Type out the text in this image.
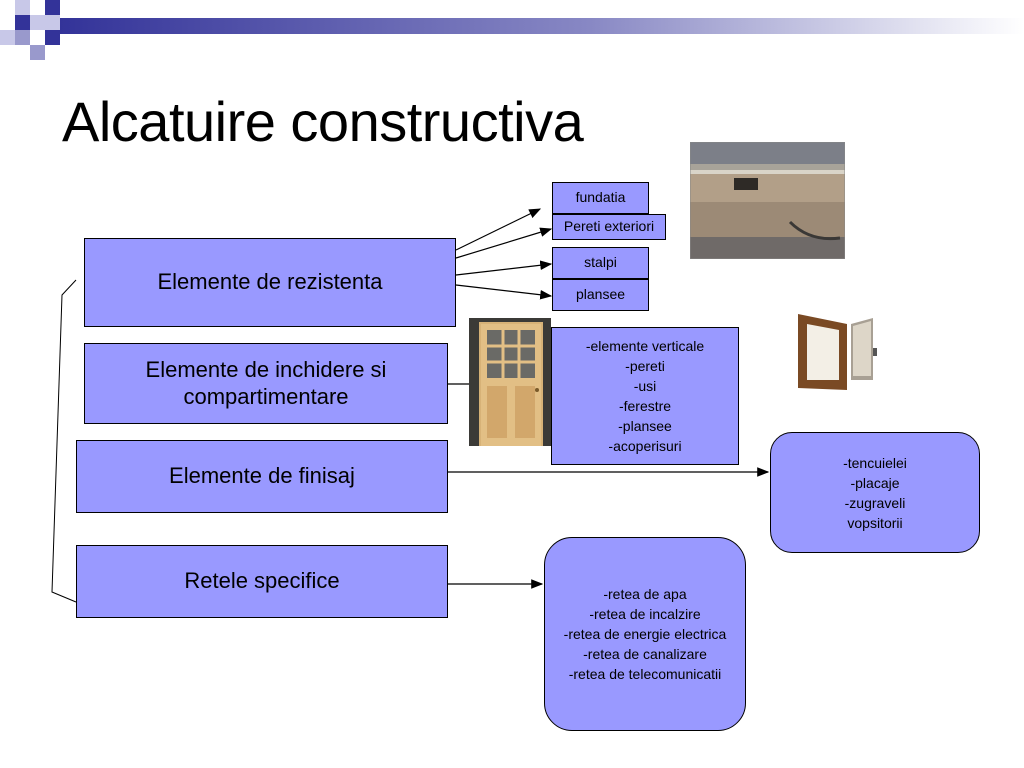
Alcatuire constructiva
Elemente de rezistenta
Elemente de inchidere si compartimentare
Elemente de finisaj
Retele specifice
fundatia
Pereti exteriori
stalpi
plansee
-elemente verticale
-pereti
-usi
-ferestre
-plansee
-acoperisuri
-tencuielei
-placaje
-zugraveli
vopsitorii
-retea de apa
-retea de incalzire
-retea de energie electrica
-retea de canalizare
-retea de telecomunicatii
